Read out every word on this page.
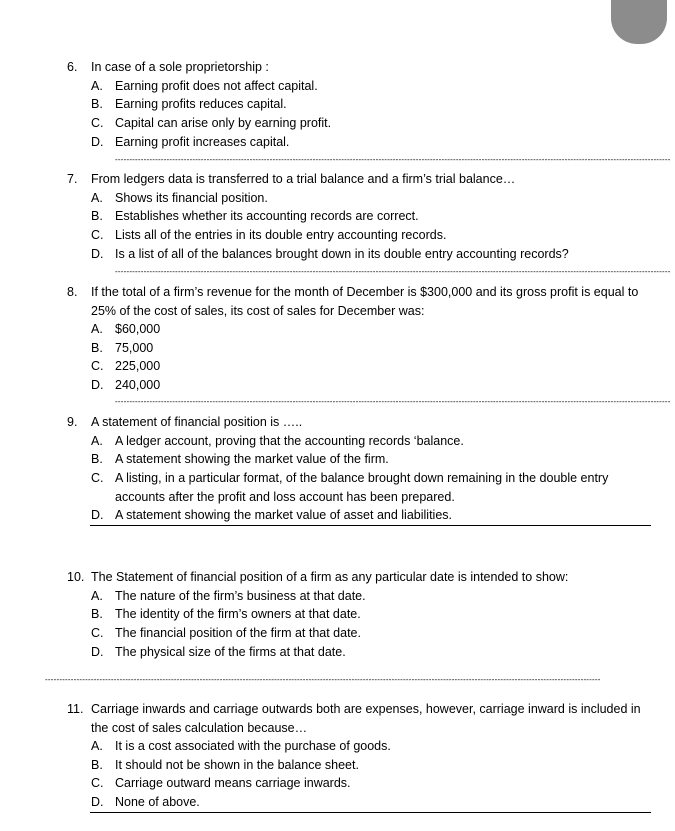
6.	In case of a sole proprietorship :
A. Earning profit does not affect capital.
B. Earning profits reduces capital.
C. Capital can arise only by earning profit.
D. Earning profit increases capital.
--------------------------------------------------------------------------------------------------------------------------------------------------------------------------------------------------
7.	From ledgers data is transferred to a trial balance and a firm’s trial balance…
A. Shows its financial position.
B. Establishes whether its accounting records are correct.
C. Lists all of the entries in its double entry accounting records.
D. Is a list of all of the balances brought down in its double entry accounting records?
--------------------------------------------------------------------------------------------------------------------------------------------------------------------------------------------------
8.	If the total of a firm’s revenue for the month of December is $300,000 and its gross profit is equal to 25% of the cost of sales, its cost of sales for December was:
A. $60,000
B. 75,000
C. 225,000
D. 240,000
--------------------------------------------------------------------------------------------------------------------------------------------------------------------------------------------------
9.	A statement of financial position is …..
A. A ledger account, proving that the accounting records ‘balance.
B. A statement showing the market value of the firm.
C. A listing, in a particular format, of the balance brought down remaining in the double entry accounts after the profit and loss account has been prepared.
D. A statement showing the market value of asset and liabilities.
10. The Statement of financial position of a firm as any particular date is intended to show:
A. The nature of the firm’s business at that date.
B. The identity of the firm’s owners at that date.
C. The financial position of the firm at that date.
D. The physical size of the firms at that date.
--------------------------------------------------------------------------------------------------------------------------------------------------------------------------------------------------
11. Carriage inwards and carriage outwards both are expenses, however, carriage inward is included in the cost of sales calculation because…
A. It is a cost associated with the purchase of goods.
B. It should not be shown in the balance sheet.
C. Carriage outward means carriage inwards.
D. None of above.
